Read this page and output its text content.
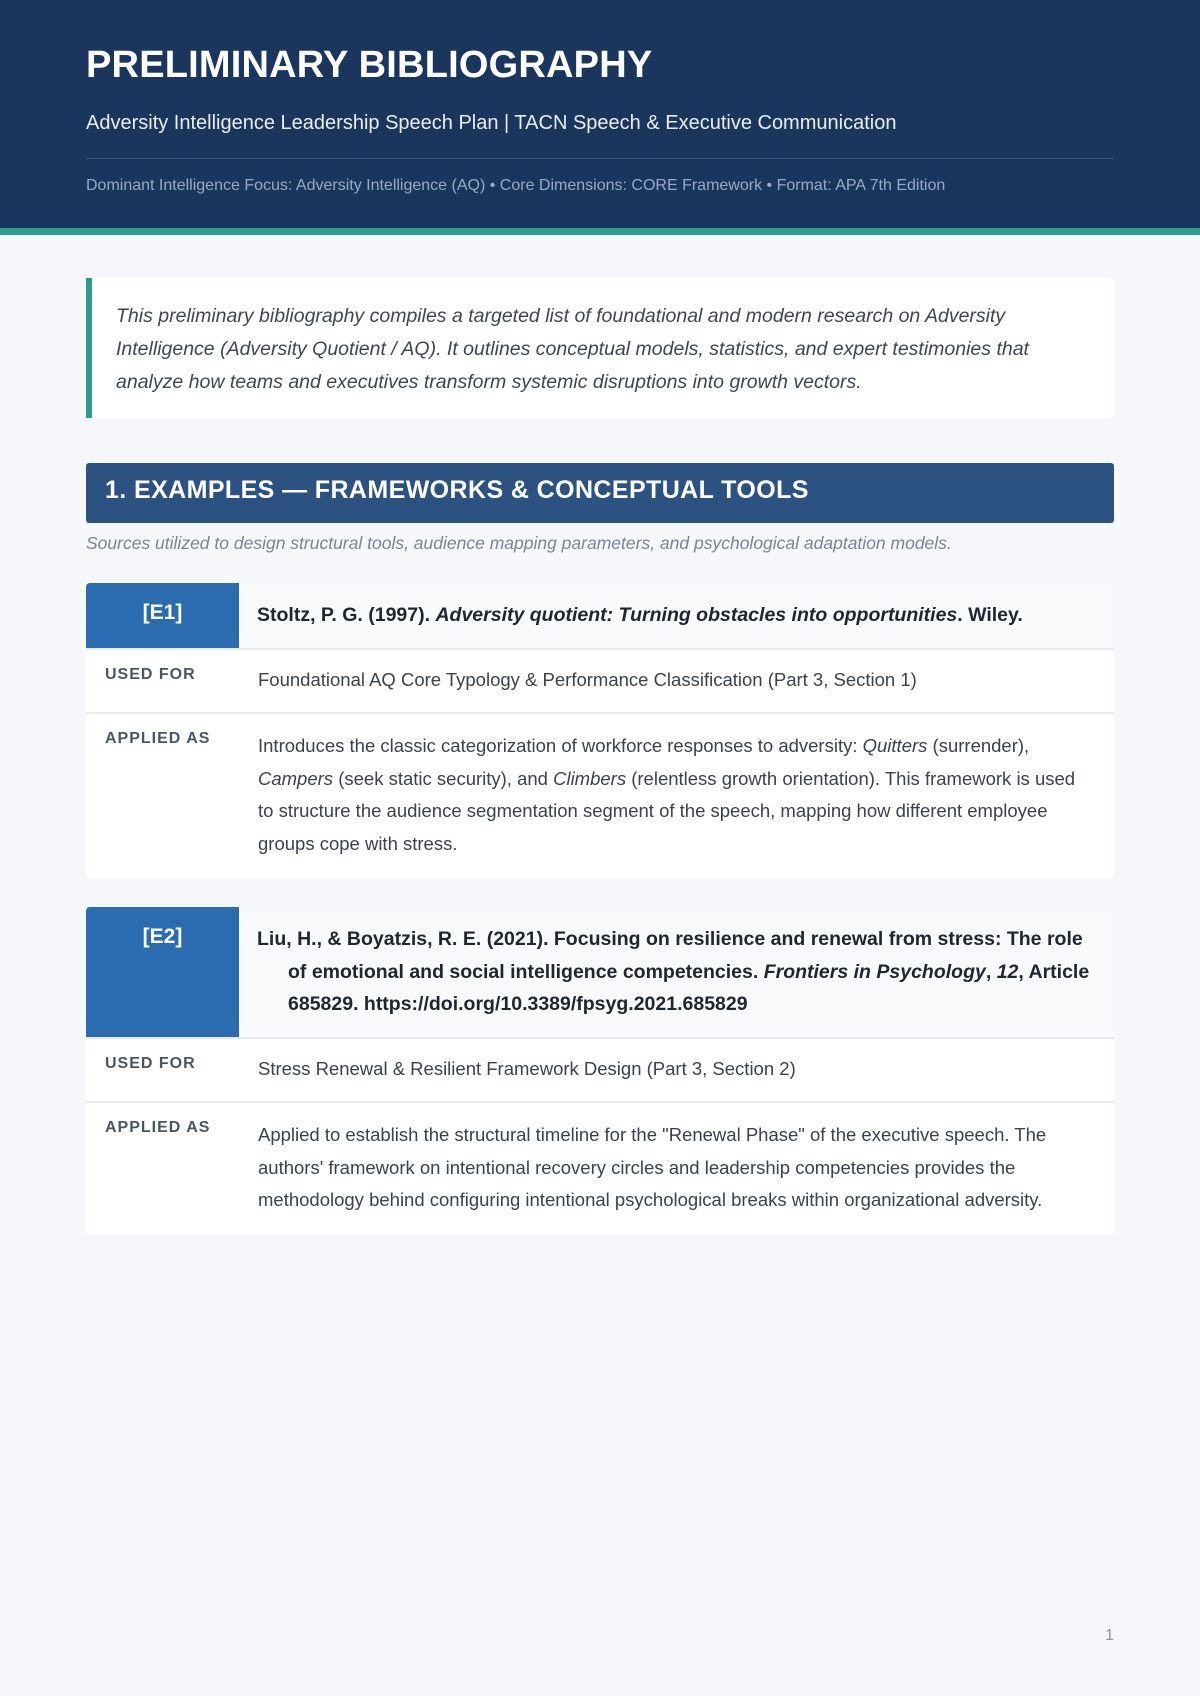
PRELIMINARY BIBLIOGRAPHY
Adversity Intelligence Leadership Speech Plan | TACN Speech & Executive Communication
Dominant Intelligence Focus: Adversity Intelligence (AQ) • Core Dimensions: CORE Framework • Format: APA 7th Edition
This preliminary bibliography compiles a targeted list of foundational and modern research on Adversity Intelligence (Adversity Quotient / AQ). It outlines conceptual models, statistics, and expert testimonies that analyze how teams and executives transform systemic disruptions into growth vectors.
1. EXAMPLES — FRAMEWORKS & CONCEPTUAL TOOLS
Sources utilized to design structural tools, audience mapping parameters, and psychological adaptation models.
[E1]	Stoltz, P. G. (1997). Adversity quotient: Turning obstacles into opportunities. Wiley.
USED FOR	Foundational AQ Core Typology & Performance Classification (Part 3, Section 1)
APPLIED AS	Introduces the classic categorization of workforce responses to adversity: Quitters (surrender), Campers (seek static security), and Climbers (relentless growth orientation). This framework is used to structure the audience segmentation segment of the speech, mapping how different employee groups cope with stress.
[E2]	Liu, H., & Boyatzis, R. E. (2021). Focusing on resilience and renewal from stress: The role of emotional and social intelligence competencies. Frontiers in Psychology, 12, Article 685829. https://doi.org/10.3389/fpsyg.2021.685829
USED FOR	Stress Renewal & Resilient Framework Design (Part 3, Section 2)
APPLIED AS	Applied to establish the structural timeline for the "Renewal Phase" of the executive speech. The authors' framework on intentional recovery circles and leadership competencies provides the methodology behind configuring intentional psychological breaks within organizational adversity.
1
